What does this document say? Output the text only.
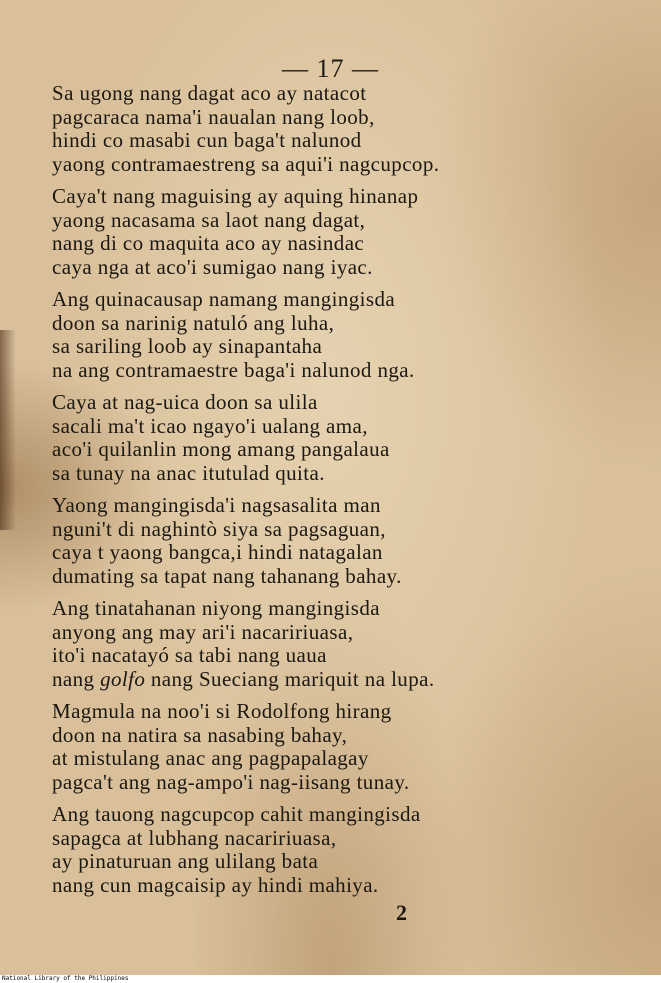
— 17 —
Sa ugong nang dagat aco ay natacot
pagcaraca nama'i naualan nang loob,
hindi co masabi cun baga't nalunod
yaong contramaestreng sa aqui'i nagcupcop.
Caya't nang maguising ay aquing hinanap
yaong nacasama sa laot nang dagat,
nang di co maquita aco ay nasindac
caya nga at aco'i sumigao nang iyac.
Ang quinacausap namang mangingisda
doon sa narinig natuló ang luha,
sa sariling loob ay sinapantaha
na ang contramaestre baga'i nalunod nga.
Caya at nag-uica doon sa ulila
sacali ma't icao ngayo'i ualang ama,
aco'i quilanlin mong amang pangalaua
sa tunay na anac itutulad quita.
Yaong mangingisda'i nagsasalita man
nguni't di naghintò siya sa pagsaguan,
caya t yaong bangca,i hindi natagalan
dumating sa tapat nang tahanang bahay.
Ang tinatahanan niyong mangingisda
anyong ang may ari'i nacaririuasa,
ito'i nacatayó sa tabi nang uaua
nang golfo nang Sueciang mariquit na lupa.
Magmula na noo'i si Rodolfong hirang
doon na natira sa nasabing bahay,
at mistulang anac ang pagpapalagay
pagca't ang nag-ampo'i nag-iisang tunay.
Ang tauong nagcupcop cahit mangingisda
sapagca at lubhang nacaririuasa,
ay pinaturuan ang ulilang bata
nang cun magcaisip ay hindi mahiya.
2
National Library of the Philippines
